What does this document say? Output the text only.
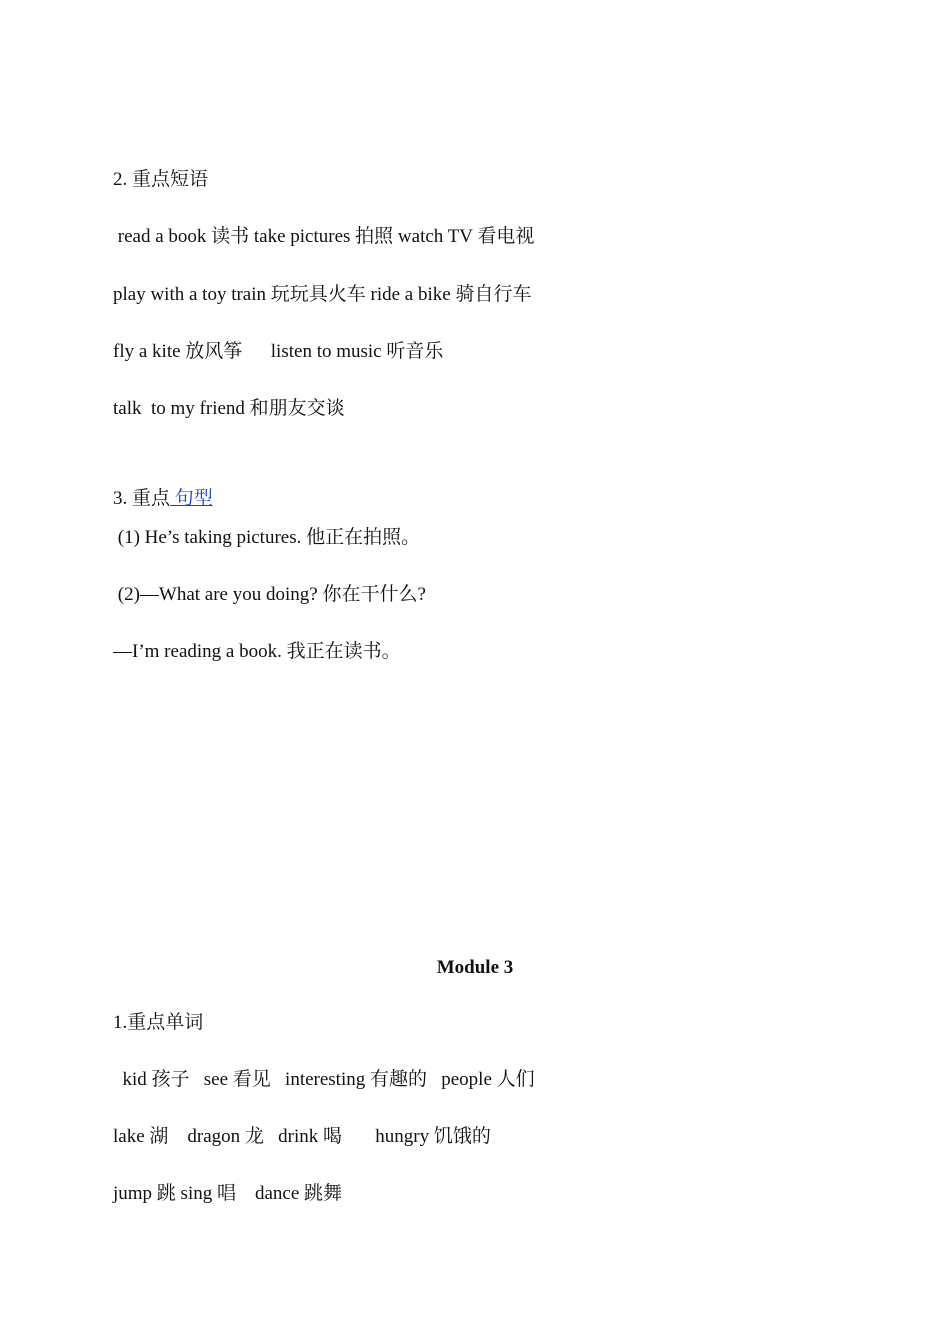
2. 重点短语
read a book 读书 take pictures 拍照 watch TV 看电视
play with a toy train 玩玩具火车 ride a bike 骑自行车
fly a kite 放风筝      listen to music 听音乐
talk  to my friend 和朋友交谈
3. 重点 句型
(1) He’s taking pictures. 他正在拍照。
(2)—What are you doing? 你在干什么?
—I’m reading a book. 我正在读书。
Module 3
1.重点单词
kid 孩子   see 看见   interesting 有趣的   people 人们
lake 湖    dragon 龙   drink 喝       hungry 饥饿的
jump 跳 sing 唱    dance 跳舞
